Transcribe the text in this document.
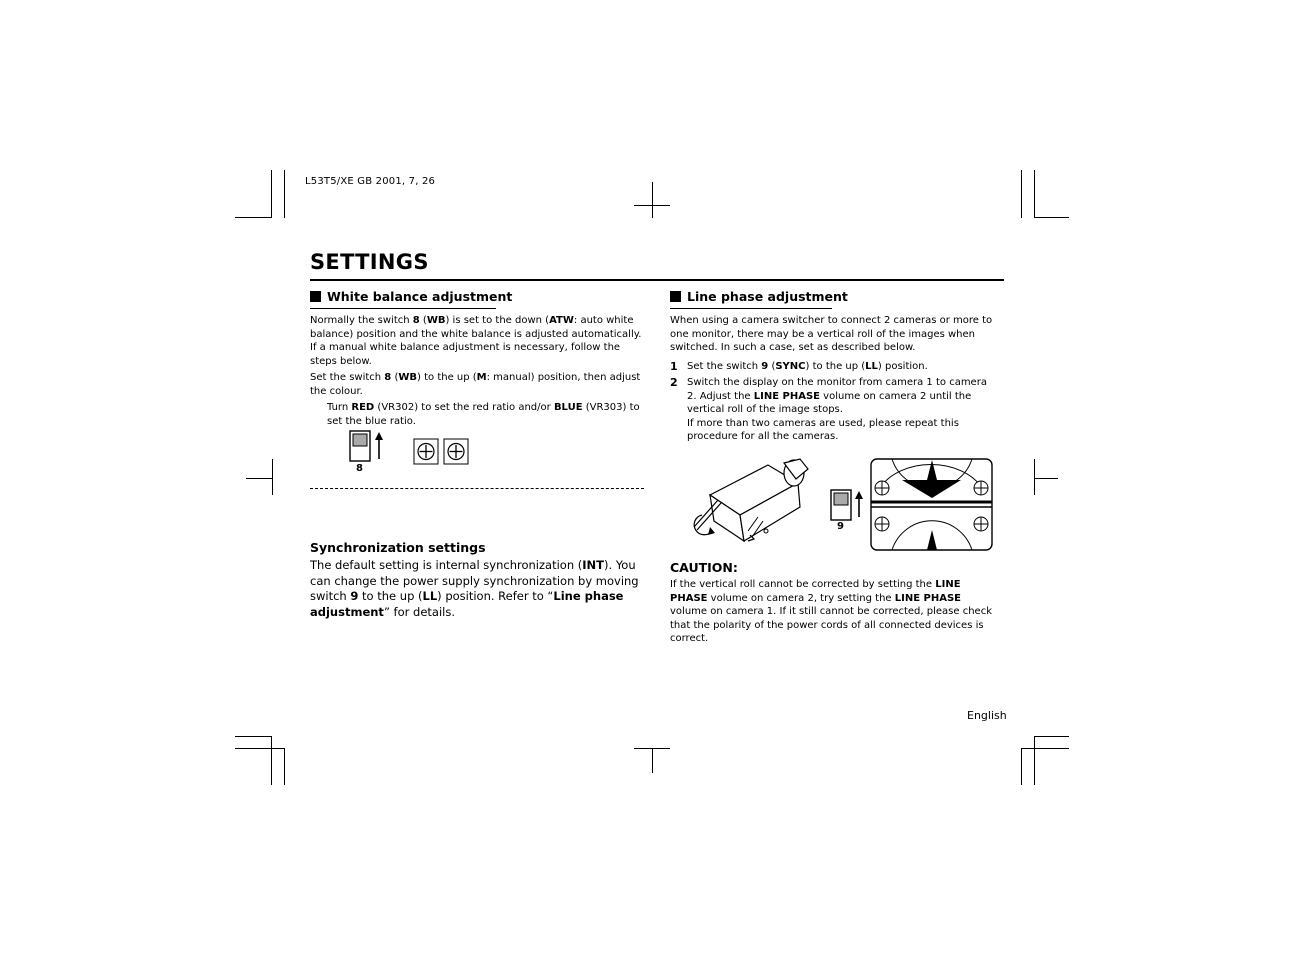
L53T5/XE GB 2001, 7, 26
SETTINGS
White balance adjustment

Normally the switch 8 (WB) is set to the down (ATW: auto white balance) position and the white balance is adjusted automatically. If a manual white balance adjustment is necessary, follow the steps below.

Set the switch 8 (WB) to the up (M: manual) position, then adjust the colour.

Turn RED (VR302) to set the red ratio and/or BLUE (VR303) to set the blue ratio.

8
Synchronization settings
The default setting is internal synchronization (INT). You can change the power supply synchronization by moving switch 9 to the up (LL) position. Refer to “Line phase adjustment” for details.
Line phase adjustment

When using a camera switcher to connect 2 cameras or more to one monitor, there may be a vertical roll of the images when switched. In such a case, set as described below.

1 Set the switch 9 (SYNC) to the up (LL) position.
2 Switch the display on the monitor from camera 1 to camera 2. Adjust the LINE PHASE volume on camera 2 until the vertical roll of the image stops.
If more than two cameras are used, please repeat this procedure for all the cameras.
9
CAUTION:
If the vertical roll cannot be corrected by setting the LINE PHASE volume on camera 2, try setting the LINE PHASE volume on camera 1. If it still cannot be corrected, please check that the polarity of the power cords of all connected devices is correct.
English
